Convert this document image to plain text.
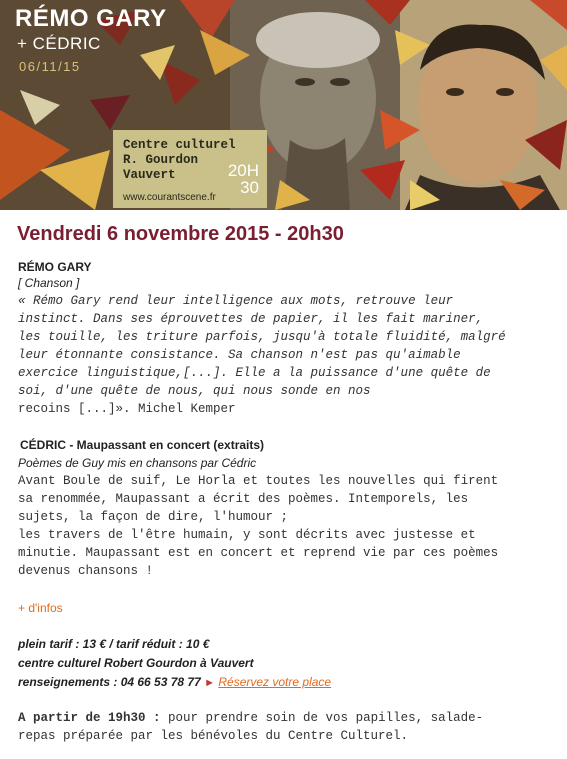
RÉMO GARY
+ CÉDRIC
06/11/15
Centre culturel
R. Gourdon
Vauvert	20H
30
www.courantscene.fr
Vendredi 6 novembre 2015 - 20h30
RÉMO GARY
[ Chanson ]
« Rémo Gary rend leur intelligence aux mots, retrouve leur
instinct. Dans ses éprouvettes de papier, il les fait mariner,
les touille, les triture parfois, jusqu'à totale fluidité, malgré
leur étonnante consistance. Sa chanson n'est pas qu'aimable
exercice linguistique,[...]. Elle a la puissance d'une quête de
soi, d'une quête de nous, qui nous sonde en nos
recoins [...]». Michel Kemper
CÉDRIC - Maupassant en concert (extraits)
Poèmes de Guy mis en chansons par Cédric
Avant Boule de suif, Le Horla et toutes les nouvelles qui firent
sa renommée, Maupassant a écrit des poèmes. Intemporels, les
sujets, la façon de dire, l'humour ;
les travers de l'être humain, y sont décrits avec justesse et
minutie. Maupassant est en concert et reprend vie par ces poèmes
devenus chansons !
+ d'infos
plein tarif : 13 € / tarif réduit : 10 €
centre culturel Robert Gourdon à Vauvert
renseignements : 04 66 53 78 77 ► Réservez votre place
A partir de 19h30 : pour prendre soin de vos papilles, salade-
repas préparée par les bénévoles du Centre Culturel.
